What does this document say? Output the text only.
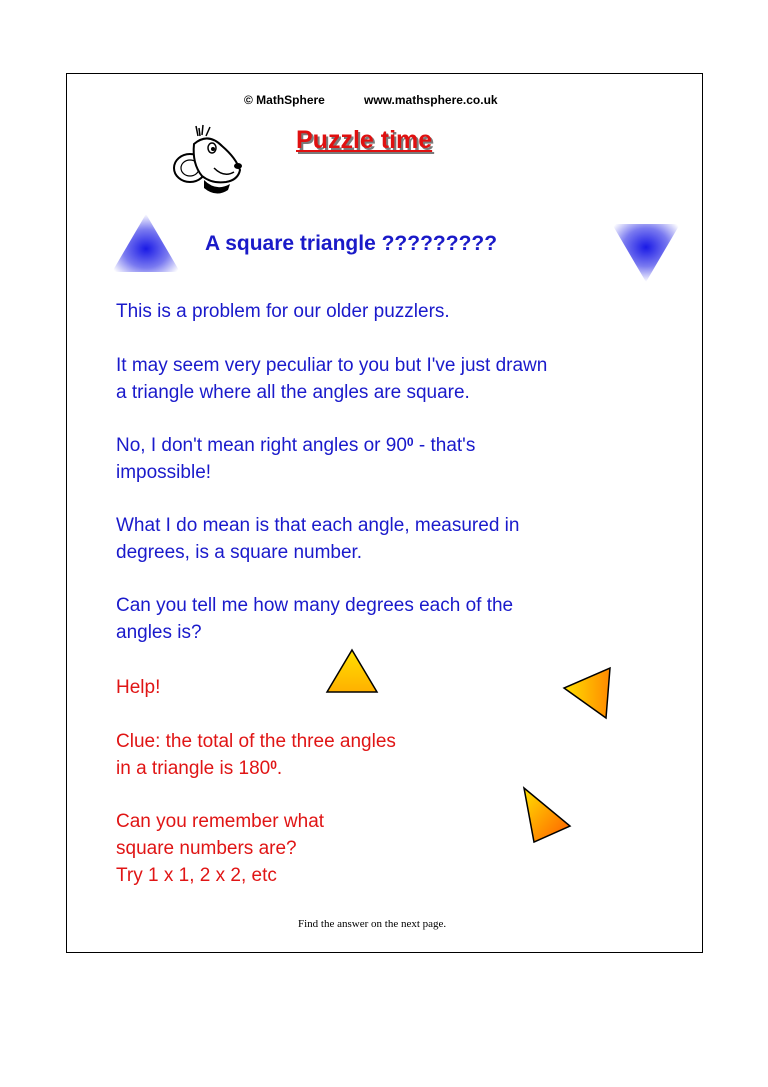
© MathSphere	www.mathsphere.co.uk
Puzzle time
A square triangle ?????????

This is a problem for our older puzzlers.

It may seem very peculiar to you but I've just drawn
a triangle where all the angles are square.

No, I don't mean right angles or $90^0$ - that's
impossible!

What I do mean is that each angle, measured in
degrees, is a square number.

Can you tell me how many degrees each of the
angles is?

Help!

Clue: the total of the three angles
in a triangle is $180^0$.

Can you remember what
square numbers are?
Try 1 x 1, 2 x 2, etc

Find the answer on the next page.
